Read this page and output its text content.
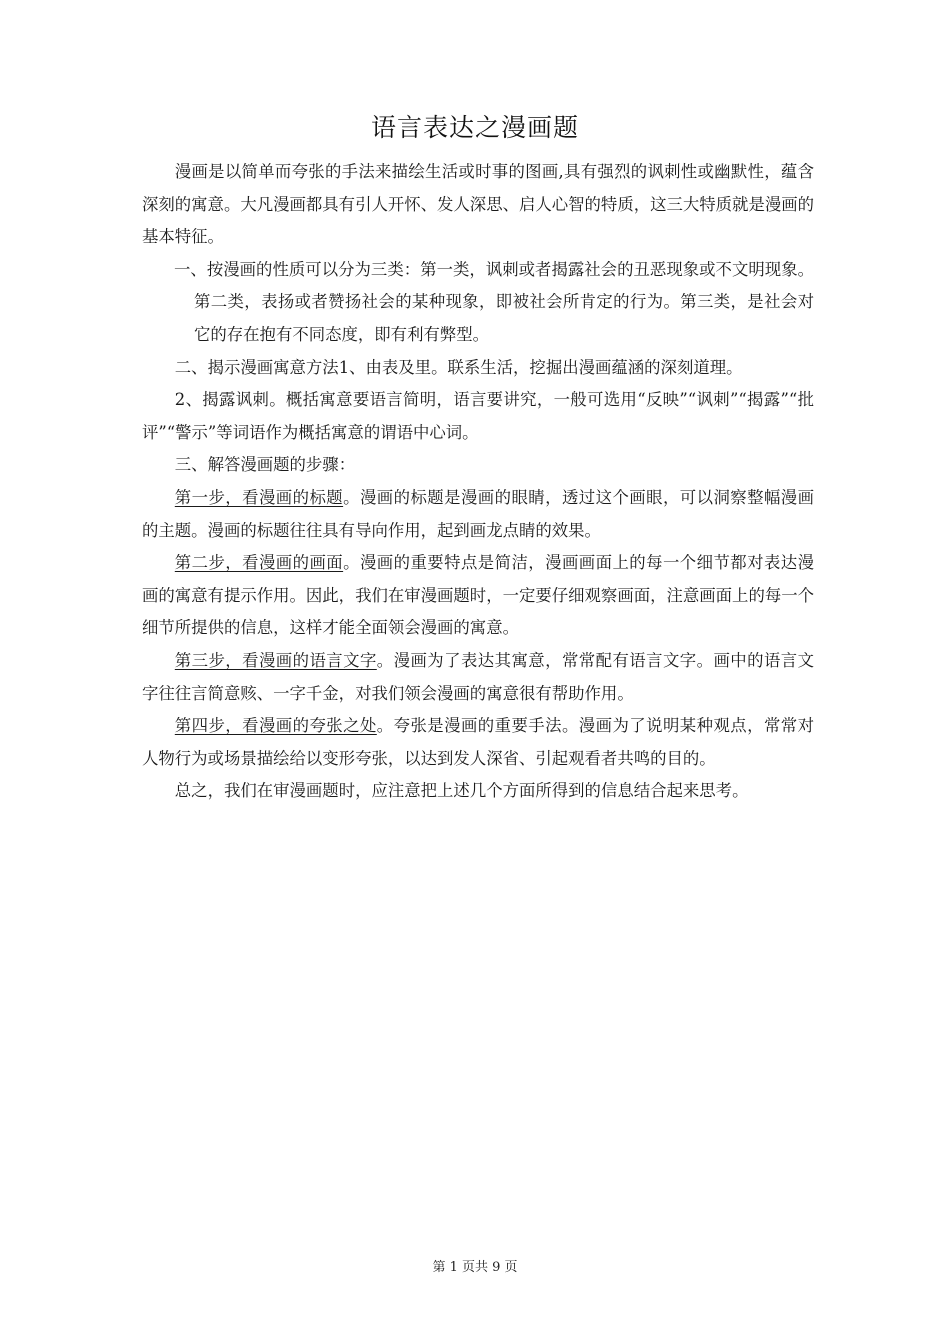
语言表达之漫画题

漫画是以简单而夸张的手法来描绘生活或时事的图画,具有强烈的讽刺性或幽默性，蕴含深刻的寓意。大凡漫画都具有引人开怀、发人深思、启人心智的特质，这三大特质就是漫画的基本特征。

一、按漫画的性质可以分为三类：第一类，讽刺或者揭露社会的丑恶现象或不文明现象。第二类，表扬或者赞扬社会的某种现象，即被社会所肯定的行为。第三类，是社会对它的存在抱有不同态度，即有利有弊型。

二、揭示漫画寓意方法1、由表及里。联系生活，挖掘出漫画蕴涵的深刻道理。

2、揭露讽刺。概括寓意要语言简明，语言要讲究，一般可选用“反映”“讽刺”“揭露”“批评”“警示”等词语作为概括寓意的谓语中心词。

三、解答漫画题的步骤：

第一步，看漫画的标题。漫画的标题是漫画的眼睛，透过这个画眼，可以洞察整幅漫画的主题。漫画的标题往往具有导向作用，起到画龙点睛的效果。

第二步，看漫画的画面。漫画的重要特点是简洁，漫画画面上的每一个细节都对表达漫画的寓意有提示作用。因此，我们在审漫画题时，一定要仔细观察画面，注意画面上的每一个细节所提供的信息，这样才能全面领会漫画的寓意。

第三步，看漫画的语言文字。漫画为了表达其寓意，常常配有语言文字。画中的语言文字往往言简意赅、一字千金，对我们领会漫画的寓意很有帮助作用。

第四步，看漫画的夸张之处。夸张是漫画的重要手法。漫画为了说明某种观点，常常对人物行为或场景描绘给以变形夸张，以达到发人深省、引起观看者共鸣的目的。

总之，我们在审漫画题时，应注意把上述几个方面所得到的信息结合起来思考。

第 1 页共 9 页
